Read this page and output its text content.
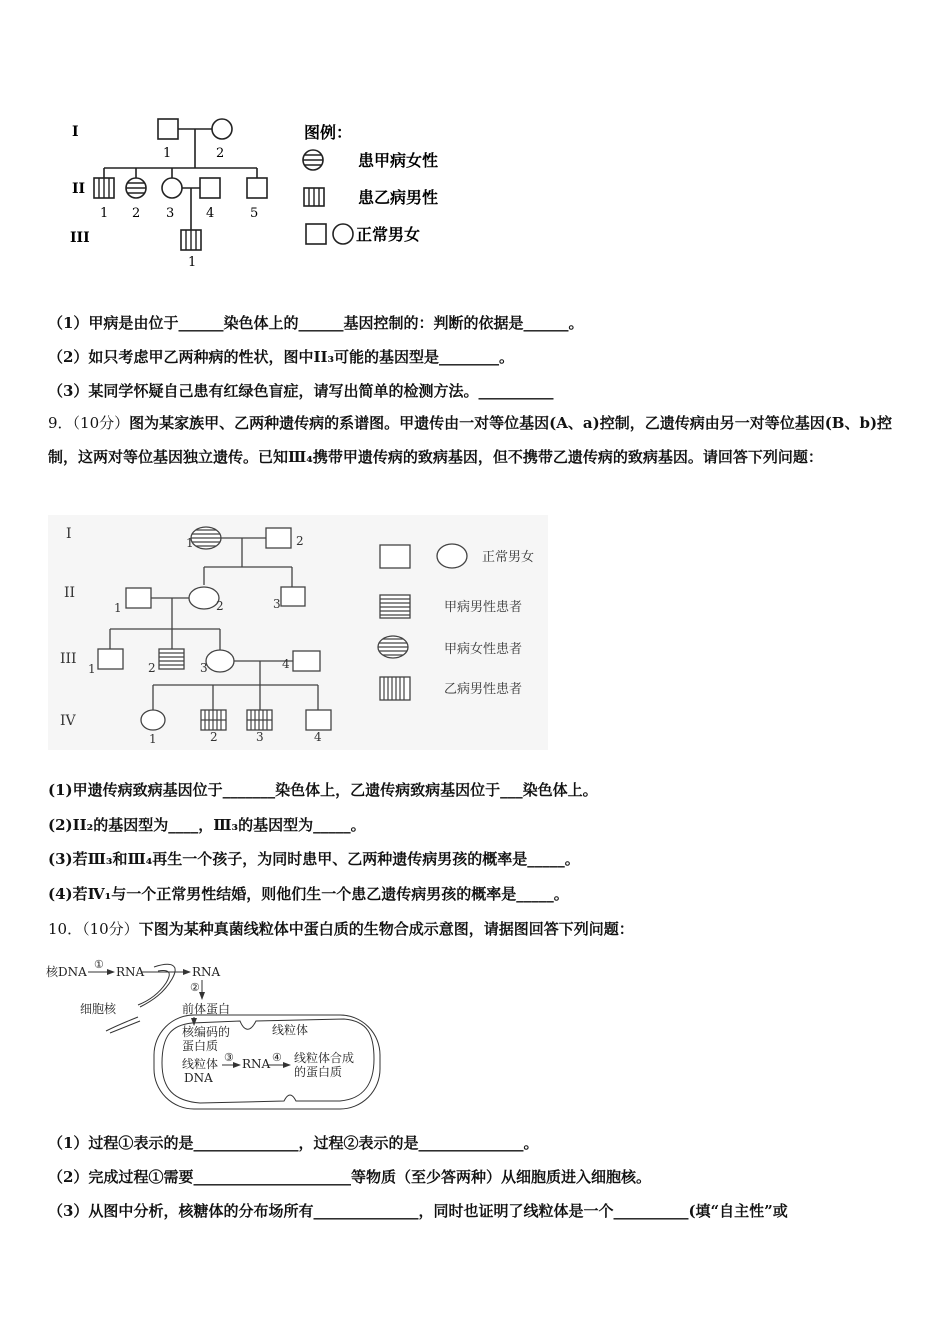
I
II
III
1	2
1 2 3 4	5
1
图例：
患甲病女性
患乙病男性
正常男女
（1）甲病是由位于______染色体上的______基因控制的：判断的依据是______。
（2）如只考虑甲乙两种病的性状，图中II₃可能的基因型是________。
（3）某同学怀疑自己患有红绿色盲症，请写出简单的检测方法。__________
9．（10分）图为某家族甲、乙两种遗传病的系谱图。甲遗传由一对等位基因(A、a)控制，乙遗传病由另一对等位基因(B、b)控制，这两对等位基因独立遗传。已知Ⅲ₄携带甲遗传病的致病基因，但不携带乙遗传病的致病基因。请回答下列问题：
I
II
III
IV
1	2
1	2	3
1	2	3	4
1	2	3	4
正常男女
甲病男性患者
甲病女性患者
乙病男性患者
(1)甲遗传病致病基因位于_______染色体上，乙遗传病致病基因位于___染色体上。
(2)II₂的基因型为____，Ⅲ₃的基因型为_____。
(3)若Ⅲ₃和Ⅲ₄再生一个孩子，为同时患甲、乙两种遗传病男孩的概率是_____。
(4)若Ⅳ₁与一个正常男性结婚，则他们生一个患乙遗传病男孩的概率是_____。
10．（10分）下图为某种真菌线粒体中蛋白质的生物合成示意图，请据图回答下列问题：
核DNA
①
RNA	RNA
②
前体蛋白
细胞核
核编码的
蛋白质
线粒体
线粒体
DNA
③ RNA ④ 线粒体合成
的蛋白质
（1）过程①表示的是______________，过程②表示的是______________。
（2）完成过程①需要_____________________等物质（至少答两种）从细胞质进入细胞核。
（3）从图中分析，核糖体的分布场所有______________，同时也证明了线粒体是一个__________(填“自主性”或
